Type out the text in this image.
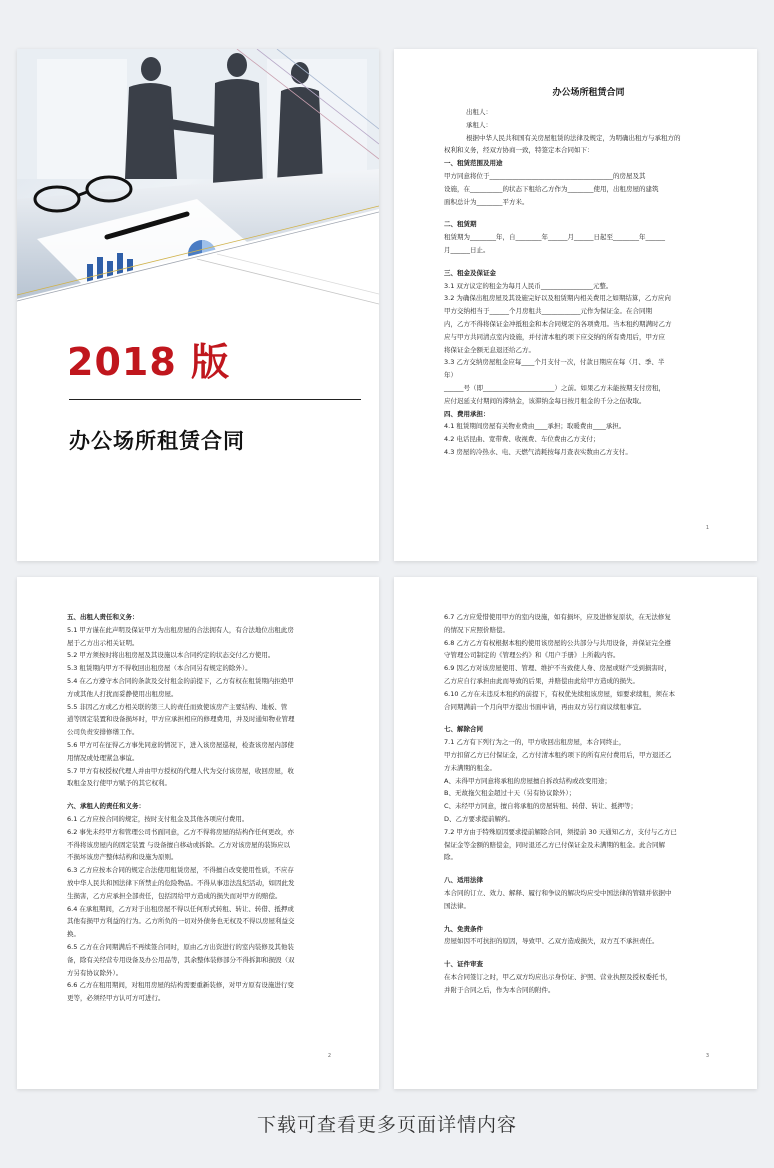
2018 版
办公场所租赁合同
办公场所租赁合同
出租人：
承租人：
根据中华人民共和国有关房屋租赁的法律及规定，为明确出租方与承租方的
权利和义务，经双方协商一致，特签定本合同如下：
一、租赁范围及用途
甲方同意将位于______________________________________的房屋及其
设施，在__________的状态下租给乙方作为________使用，出租房屋的建筑
面积总计为________平方米。
二、租赁期
租赁期为________年，自________年______月______日起至________年______
月______日止。
三、租金及保证金
3.1 双方议定的租金为每月人民币________________元整。
3.2 为确保出租房屋及其设施完好以及租赁期内相关费用之如期结算，乙方应向
甲方交纳相当于______个月房租共____________元作为保证金。在合同期
内，乙方不得将保证金冲抵租金和本合同规定的各项费用。当本租约期满时乙方
应与甲方共同清点室内设施，并付清本租约项下应交纳的所有费用后，甲方应
将保证金全额无息退还给乙方。
3.3 乙方交纳房屋租金应每____个月支付一次，付款日期应在每（月、季、半
年）
______号（即______________________）之前。如果乙方未能按期支付房租，
应付迟延支付期间的滞纳金，该滞纳金每日按月租金的千分之伍收取。
四、费用承担：
4.1 租赁期间房屋有关物业费由____承担；取暖费由____承担。
4.2 电话昆曲、宽带费、收视费、车位费由乙方支付；
4.3 房屋的冷热水、电、天燃气消耗按每月查表实数由乙方支付。
1
五、出租人责任和义务：
5.1 甲方谨在此声明及保证甲方为出租房屋的合法拥有人，有合法地位出租此房
屋于乙方出示相关证明。
5.2 甲方须按时将出租房屋及其设施以本合同约定的状态交付乙方使用。
5.3 租赁期内甲方不得收回出租房屋（本合同另有规定的除外）。
5.4 在乙方遵守本合同的条款及交付租金的前提下，乙方有权在租赁期内拒绝甲
方或其他人打扰而妥静使用出租房屋。
5.5 非因乙方或乙方相关联的第三人的责任而致使该房产主要结构、地板、管
道等固定装置和设备损坏时，甲方应承担相应的修理费用，并及时通知物业管理
公司负责安排修缮工作。
5.6 甲方可在征得乙方事先同意的情况下，进入该房屋巡视，检查该房屋内部使
用情况或处理紧急事谊。
5.7 甲方有权授权代理人并由甲方授权的代理人代为交付该房屋，收回房屋，收
取租金及行使甲方赋予的其它权利。
六、承租人的责任和义务：
6.1 乙方应按合同的规定，按时支付租金及其他各项应付费用。
6.2 事先未经甲方和管理公司书面同意，乙方不得将房屋的结构作任何更改，亦
不得将该房屋内的固定装置 与设备擅自移动或拆除。乙方对该房屋的装饰应以
不损坏该房产整体结构和设施为原则。
6.3 乙方应按本合同的规定合法使用租赁房屋，不得擅自改变使用性质，不应存
放中华人民共和国法律下所禁止的危险物品。不得从事违法乱纪活动，如因此发
生损害，乙方应承担全部责任，包括因给甲方造成的损失而对甲方的赔偿。
6.4 在承租期间，乙方对于出租房屋不得以任何形式转租、转让、转借、抵押或
其他有损甲方利益的行为。乙方所负的一切对外债务也无权及不得以房屋利益交
换。
6.5 乙方在合同期满后不再续签合同时，原由乙方出资进行的室内装修及其他装
备，除有关经营专用设备及办公用品等，其余整体装修部分不得拆卸和损毁（双
方另有协议除外）。
6.6 乙方在租用期间，对租用房屋的结构需要重新装修，对甲方原有设施进行变
更等，必须经甲方认可方可进行。
2
6.7 乙方应爱惜使用甲方的室内设施，如有损坏，应及进修复原状，在无法修复
的情况下应照价赔偿。
6.8 乙方乙方有权根据本租约使用该房屋的公共部分与共用设备，并保证完全遵
守管理公司制定的《管理公约》和《用户手册》上所载内容。
6.9 因乙方对该房屋使用、管理、维护不当致使人身、房屋或财产受到损害时，
乙方应自行承担由此而导致的后果，并赔偿由此给甲方造成的损失。
6.10 乙方在未违反本租约的前提下，有权优先续租该房屋，如要求续租，须在本
合同期满前一个月向甲方提出书面申请，再由双方另行商议续租事宜。
七、解除合同
7.1 乙方有下列行为之一的，甲方收回出租房屋，本合同终止，
甲方扣留乙方已付保证金，乙方付清本租约项下的所有应付费用后，甲方退还乙
方未满期的租金。
A、未得甲方同意将承租的房屋擅自拆改结构或改变用途；
B、无故拖欠租金超过十天（另有协议除外）；
C、未经甲方同意，擅自将承租的房屋转租、转借、转让、抵押等；
D、乙方要求提前解约。
7.2 甲方由于特殊原因要求提前解除合同，须提前 30 天通知乙方，支付与乙方已
保证金等金额的赔偿金，同时退还乙方已付保证金及未满期的租金。此合同解
除。
八、适用法律
本合同的订立、效力、解释、履行和争议的解决均应受中国法律的管辖并依据中
国法律。
九、免责条件
房屋如因不可抗拒的原因，导致甲、乙双方造成损失，双方互不承担责任。
十、证件审查
在本合同签订之时，甲乙双方均应出示身份证、护照、营业执照及授权委托书，
并附于合同之后，作为本合同的附件。
3
下载可查看更多页面详情内容
